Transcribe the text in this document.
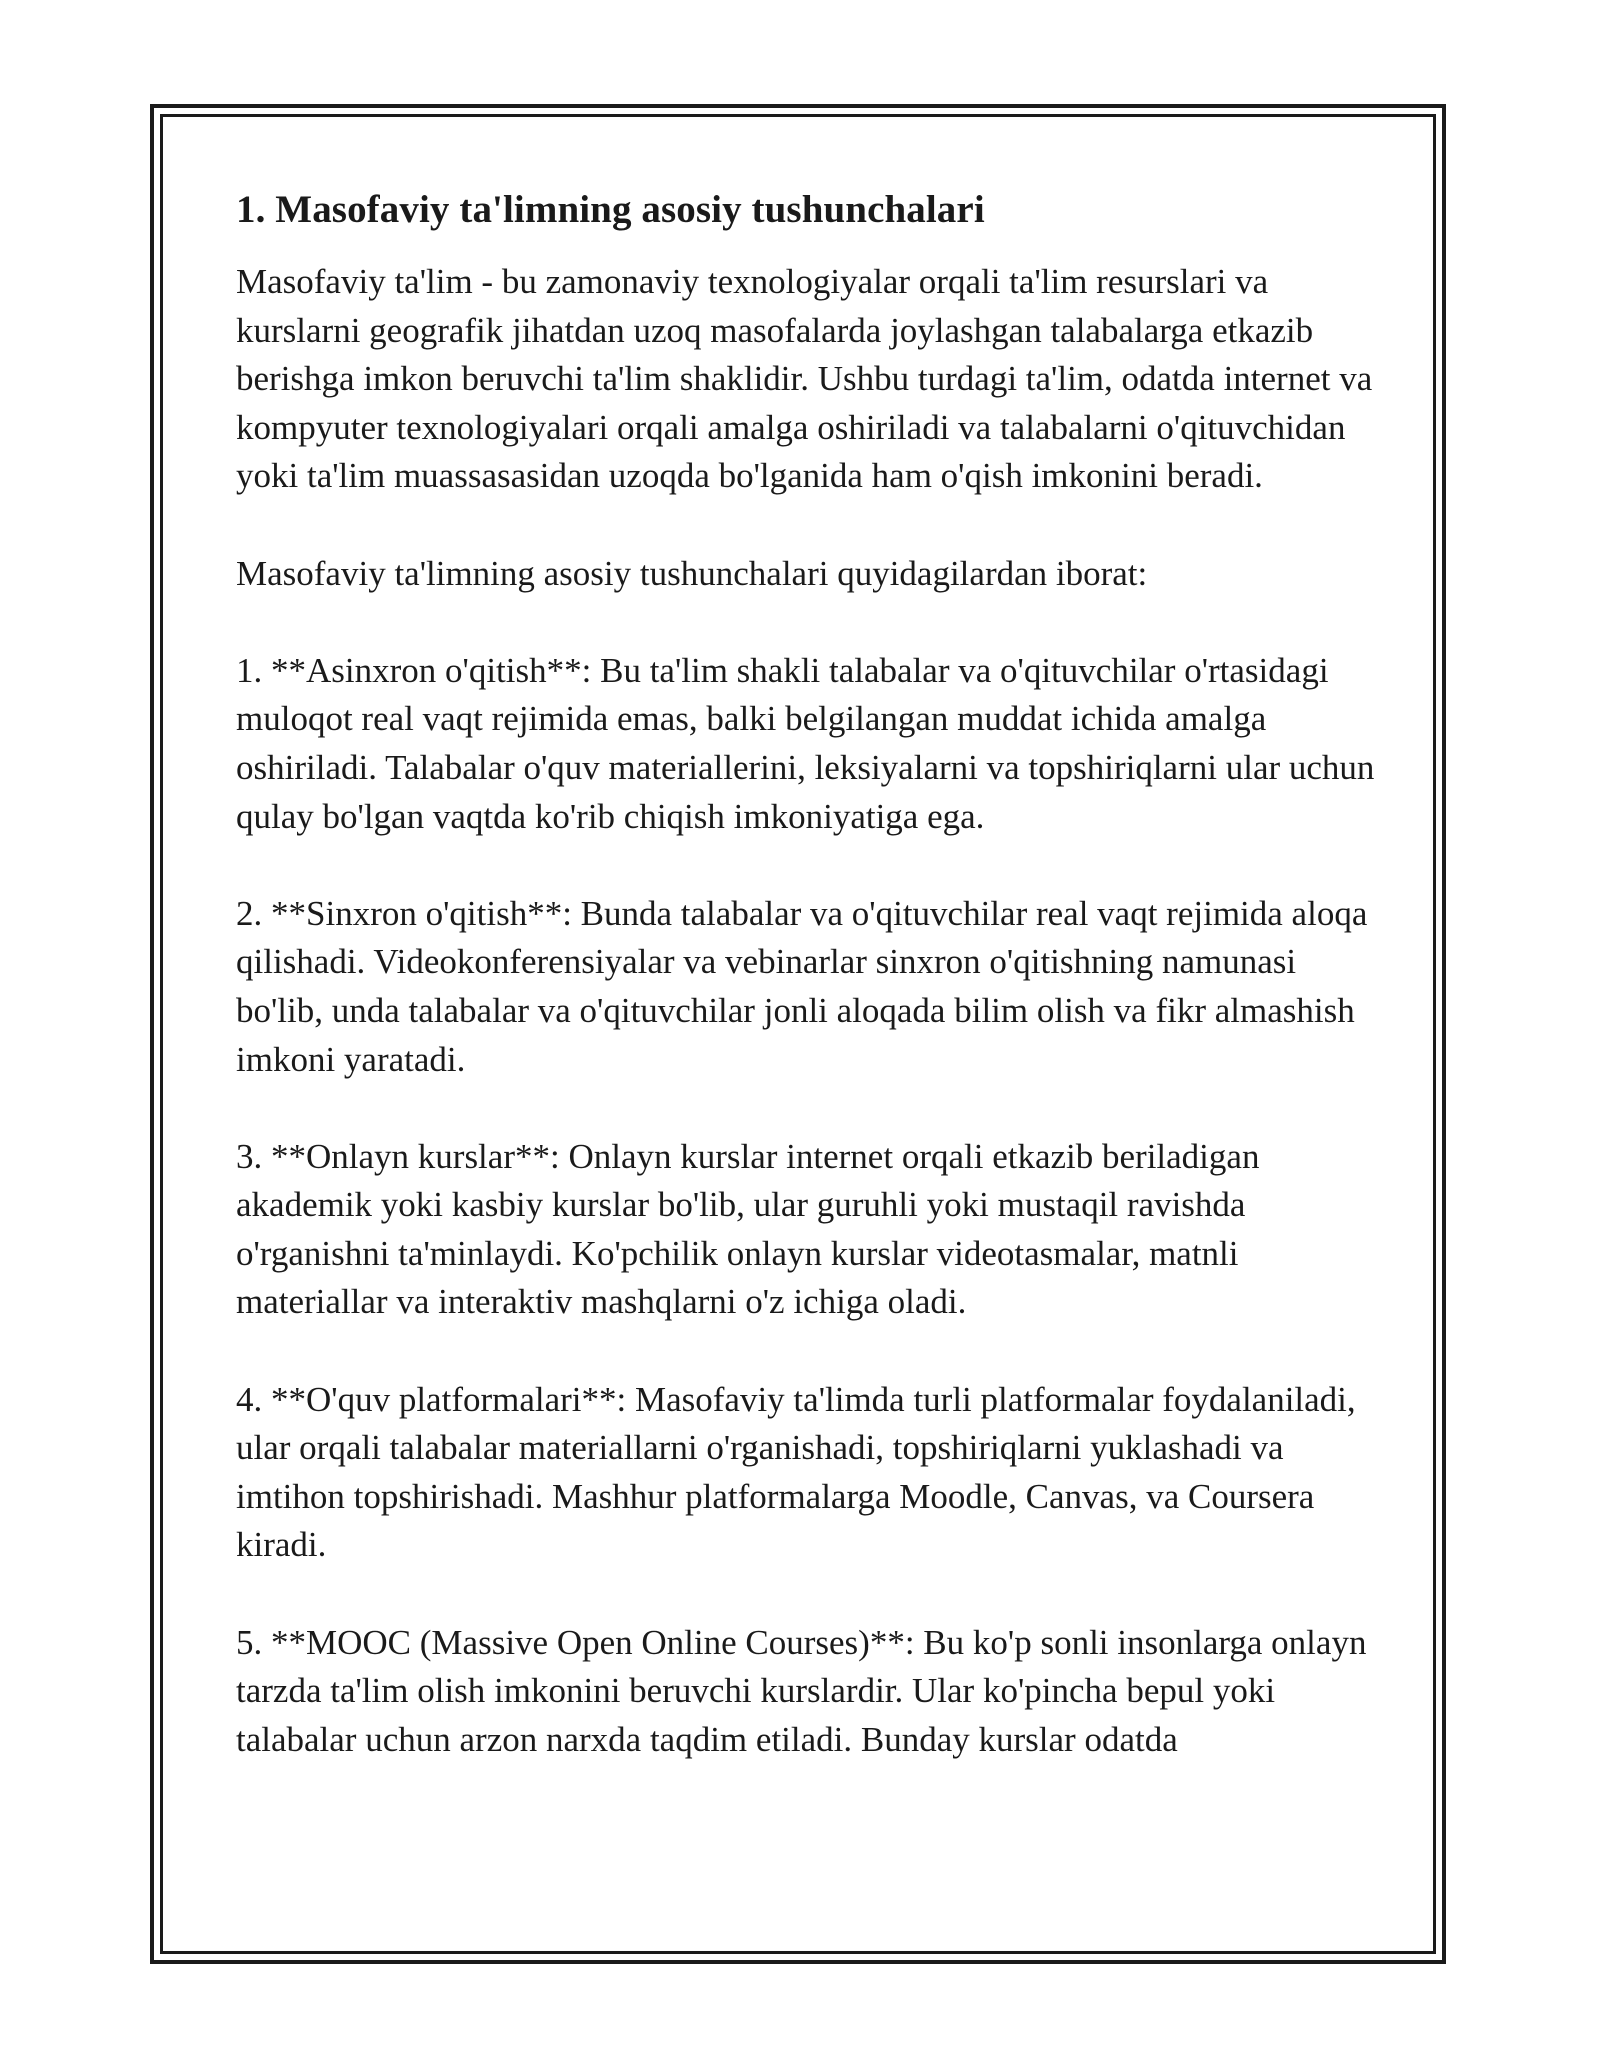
1. Masofaviy ta'limning asosiy tushunchalari

Masofaviy ta'lim - bu zamonaviy texnologiyalar orqali ta'lim resurslari va kurslarni geografik jihatdan uzoq masofalarda joylashgan talabalarga etkazib berishga imkon beruvchi ta'lim shaklidir. Ushbu turdagi ta'lim, odatda internet va kompyuter texnologiyalari orqali amalga oshiriladi va talabalarni o'qituvchidan yoki ta'lim muassasasidan uzoqda bo'lganida ham o'qish imkonini beradi.

Masofaviy ta'limning asosiy tushunchalari quyidagilardan iborat:

1. **Asinxron o'qitish**: Bu ta'lim shakli talabalar va o'qituvchilar o'rtasidagi muloqot real vaqt rejimida emas, balki belgilangan muddat ichida amalga oshiriladi. Talabalar o'quv materiallerini, leksiyalarni va topshiriqlarni ular uchun qulay bo'lgan vaqtda ko'rib chiqish imkoniyatiga ega.

2. **Sinxron o'qitish**: Bunda talabalar va o'qituvchilar real vaqt rejimida aloqa qilishadi. Videokonferensiyalar va vebinarlar sinxron o'qitishning namunasi bo'lib, unda talabalar va o'qituvchilar jonli aloqada bilim olish va fikr almashish imkoni yaratadi.

3. **Onlayn kurslar**: Onlayn kurslar internet orqali etkazib beriladigan akademik yoki kasbiy kurslar bo'lib, ular guruhli yoki mustaqil ravishda o'rganishni ta'minlaydi. Ko'pchilik onlayn kurslar videotasmalar, matnli materiallar va interaktiv mashqlarni o'z ichiga oladi.

4. **O'quv platformalari**: Masofaviy ta'limda turli platformalar foydalaniladi, ular orqali talabalar materiallarni o'rganishadi, topshiriqlarni yuklashadi va imtihon topshirishadi. Mashhur platformalarga Moodle, Canvas, va Coursera kiradi.

5. **MOOC (Massive Open Online Courses)**: Bu ko'p sonli insonlarga onlayn tarzda ta'lim olish imkonini beruvchi kurslardir. Ular ko'pincha bepul yoki talabalar uchun arzon narxda taqdim etiladi. Bunday kurslar odatda
